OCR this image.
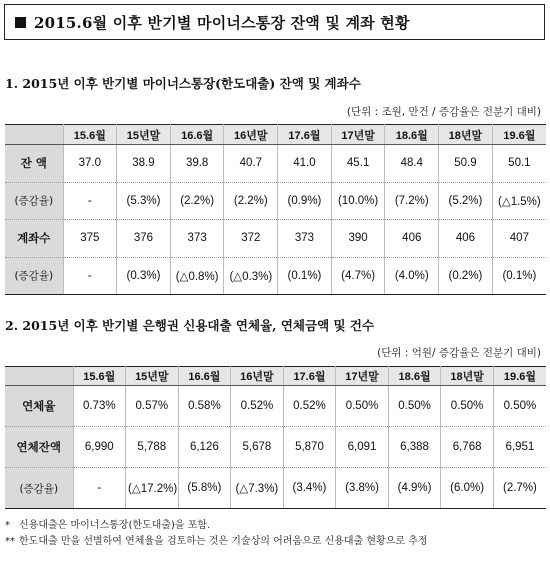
2015.6월 이후 반기별 마이너스통장 잔액 및 계좌 현황
1. 2015년 이후 반기별 마이너스통장(한도대출) 잔액 및 계좌수
(단위 : 조원, 만건 / 증감율은 전분기 대비)
	15.6월	15년말	16.6월	16년말	17.6월	17년말	18.6월	18년말	19.6월
잔 액	37.0	38.9	39.8	40.7	41.0	45.1	48.4	50.9	50.1
(증감율)	-	(5.3%)	(2.2%)	(2.2%)	(0.9%)	(10.0%)	(7.2%)	(5.2%)	(△1.5%)
계좌수	375	376	373	372	373	390	406	406	407
(증감율)	-	(0.3%)	(△0.8%)	(△0.3%)	(0.1%)	(4.7%)	(4.0%)	(0.2%)	(0.1%)
2. 2015년 이후 반기별 은행권 신용대출 연체율, 연체금액 및 건수
(단위 : 억원/ 증감율은 전분기 대비)
	15.6월	15년말	16.6월	16년말	17.6월	17년말	18.6월	18년말	19.6월
연체율	0.73%	0.57%	0.58%	0.52%	0.52%	0.50%	0.50%	0.50%	0.50%
연체잔액	6,990	5,788	6,126	5,678	5,870	6,091	6,388	6,768	6,951
(증감율)	-	(△17.2%)	(5.8%)	(△7.3%)	(3.4%)	(3.8%)	(4.9%)	(6.0%)	(2.7%)
* 신용대출은 마이너스통장(한도대출)을 포함.
** 한도대출 만을 선별하여 연체율을 검토하는 것은 기술상의 어려움으로 신용대출 현황으로 추정
